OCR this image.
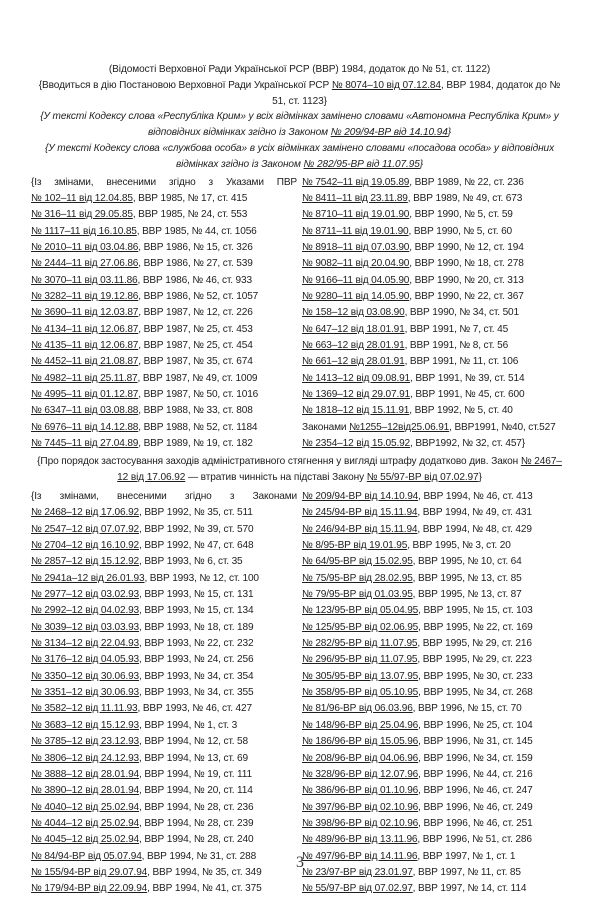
(Відомості Верховної Ради Української РСР (ВВР) 1984, додаток до № 51, ст. 1122)

{Вводиться в дію Постановою Верховної Ради Української РСР № 8074–10 від 07.12.84, ВВР 1984, додаток до № 51, ст. 1123}

{У тексті Кодексу слова «Республіка Крим» у всіх відмінках замінено словами «Автономна Республіка Крим» у відповідних відмінках згідно із Законом № 209/94-ВР від 14.10.94}

{У тексті Кодексу слова «службова особа» в усіх відмінках замінено словами «посадова особа» у відповідних відмінках згідно із Законом № 282/95-ВР від 11.07.95}

{Із змінами, внесеними згідно з Указами ПВР
№ 102–11 від 12.04.85, ВВР 1985, № 17, ст. 415
№ 316–11 від 29.05.85, ВВР 1985, № 24, ст. 553
№ 1117–11 від 16.10.85, ВВР 1985, № 44, ст. 1056
№ 2010–11 від 03.04.86, ВВР 1986, № 15, ст. 326
№ 2444–11 від 27.06.86, ВВР 1986, № 27, ст. 539
№ 3070–11 від 03.11.86, ВВР 1986, № 46, ст. 933
№ 3282–11 від 19.12.86, ВВР 1986, № 52, ст. 1057
№ 3690–11 від 12.03.87, ВВР 1987, № 12, ст. 226
№ 4134–11 від 12.06.87, ВВР 1987, № 25, ст. 453
№ 4135–11 від 12.06.87, ВВР 1987, № 25, ст. 454
№ 4452–11 від 21.08.87, ВВР 1987, № 35, ст. 674
№ 4982–11 від 25.11.87, ВВР 1987, № 49, ст. 1009
№ 4995–11 від 01.12.87, ВВР 1987, № 50, ст. 1016
№ 6347–11 від 03.08.88, ВВР 1988, № 33, ст. 808
№ 6976–11 від 14.12.88, ВВР 1988, № 52, ст. 1184
№ 7445–11 від 27.04.89, ВВР 1989, № 19, ст. 182
№ 7542–11 від 19.05.89, ВВР 1989, № 22, ст. 236
№ 8411–11 від 23.11.89, ВВР 1989, № 49, ст. 673
№ 8710–11 від 19.01.90, ВВР 1990, № 5, ст. 59
№ 8711–11 від 19.01.90, ВВР 1990, № 5, ст. 60
№ 8918–11 від 07.03.90, ВВР 1990, № 12, ст. 194
№ 9082–11 від 20.04.90, ВВР 1990, № 18, ст. 278
№ 9166–11 від 04.05.90, ВВР 1990, № 20, ст. 313
№ 9280–11 від 14.05.90, ВВР 1990, № 22, ст. 367
№ 158–12 від 03.08.90, ВВР 1990, № 34, ст. 501
№ 647–12 від 18.01.91, ВВР 1991, № 7, ст. 45
№ 663–12 від 28.01.91, ВВР 1991, № 8, ст. 56
№ 661–12 від 28.01.91, ВВР 1991, № 11, ст. 106
№ 1413–12 від 09.08.91, ВВР 1991, № 39, ст. 514
№ 1369–12 від 29.07.91, ВВР 1991, № 45, ст. 600
№ 1818–12 від 15.11.91, ВВР 1992, № 5, ст. 40
Законами №1255–12від25.06.91, ВВР1991, №40, ст.527
№ 2354–12 від 15.05.92, ВВР1992, № 32, ст. 457}

{Про порядок застосування заходів адміністративного стягнення у вигляді штрафу додатково див. Закон № 2467–12 від 17.06.92 — втратив чинність на підставі Закону № 55/97-ВР від 07.02.97}

{Із змінами, внесеними згідно з Законами
№ 2468–12 від 17.06.92, ВВР 1992, № 35, ст. 511
№ 2547–12 від 07.07.92, ВВР 1992, № 39, ст. 570
№ 2704–12 від 16.10.92, ВВР 1992, № 47, ст. 648
№ 2857–12 від 15.12.92, ВВР 1993, № 6, ст. 35
№ 2941a–12 від 26.01.93, ВВР 1993, № 12, ст. 100
№ 2977–12 від 03.02.93, ВВР 1993, № 15, ст. 131
№ 2992–12 від 04.02.93, ВВР 1993, № 15, ст. 134
№ 3039–12 від 03.03.93, ВВР 1993, № 18, ст. 189
№ 3134–12 від 22.04.93, ВВР 1993, № 22, ст. 232
№ 3176–12 від 04.05.93, ВВР 1993, № 24, ст. 256
№ 3350–12 від 30.06.93, ВВР 1993, № 34, ст. 354
№ 3351–12 від 30.06.93, ВВР 1993, № 34, ст. 355
№ 3582–12 від 11.11.93, ВВР 1993, № 46, ст. 427
№ 3683–12 від 15.12.93, ВВР 1994, № 1, ст. 3
№ 3785–12 від 23.12.93, ВВР 1994, № 12, ст. 58
№ 3806–12 від 24.12.93, ВВР 1994, № 13, ст. 69
№ 3888–12 від 28.01.94, ВВР 1994, № 19, ст. 111
№ 3890–12 від 28.01.94, ВВР 1994, № 20, ст. 114
№ 4040–12 від 25.02.94, ВВР 1994, № 28, ст. 236
№ 4044–12 від 25.02.94, ВВР 1994, № 28, ст. 239
№ 4045–12 від 25.02.94, ВВР 1994, № 28, ст. 240
№ 84/94-ВР від 05.07.94, ВВР 1994, № 31, ст. 288
№ 155/94-ВР від 29.07.94, ВВР 1994, № 35, ст. 349
№ 179/94-ВР від 22.09.94, ВВР 1994, № 41, ст. 375
№ 209/94-ВР від 14.10.94, ВВР 1994, № 46, ст. 413
№ 245/94-ВР від 15.11.94, ВВР 1994, № 49, ст. 431
№ 246/94-ВР від 15.11.94, ВВР 1994, № 48, ст. 429
№ 8/95-ВР від 19.01.95, ВВР 1995, № 3, ст. 20
№ 64/95-ВР від 15.02.95, ВВР 1995, № 10, ст. 64
№ 75/95-ВР від 28.02.95, ВВР 1995, № 13, ст. 85
№ 79/95-ВР від 01.03.95, ВВР 1995, № 13, ст. 87
№ 123/95-ВР від 05.04.95, ВВР 1995, № 15, ст. 103
№ 125/95-ВР від 02.06.95, ВВР 1995, № 22, ст. 169
№ 282/95-ВР від 11.07.95, ВВР 1995, № 29, ст. 216
№ 296/95-ВР від 11.07.95, ВВР 1995, № 29, ст. 223
№ 305/95-ВР від 13.07.95, ВВР 1995, № 30, ст. 233
№ 358/95-ВР від 05.10.95, ВВР 1995, № 34, ст. 268
№ 81/96-ВР від 06.03.96, ВВР 1996, № 15, ст. 70
№ 148/96-ВР від 25.04.96, ВВР 1996, № 25, ст. 104
№ 186/96-ВР від 15.05.96, ВВР 1996, № 31, ст. 145
№ 208/96-ВР від 04.06.96, ВВР 1996, № 34, ст. 159
№ 328/96-ВР від 12.07.96, ВВР 1996, № 44, ст. 216
№ 386/96-ВР від 01.10.96, ВВР 1996, № 46, ст. 247
№ 397/96-ВР від 02.10.96, ВВР 1996, № 46, ст. 249
№ 398/96-ВР від 02.10.96, ВВР 1996, № 46, ст. 251
№ 489/96-ВР від 13.11.96, ВВР 1996, № 51, ст. 286
№ 497/96-ВР від 14.11.96, ВВР 1997, № 1, ст. 1
№ 23/97-ВР від 23.01.97, ВВР 1997, № 11, ст. 85
№ 55/97-ВР від 07.02.97, ВВР 1997, № 14, ст. 114
3
